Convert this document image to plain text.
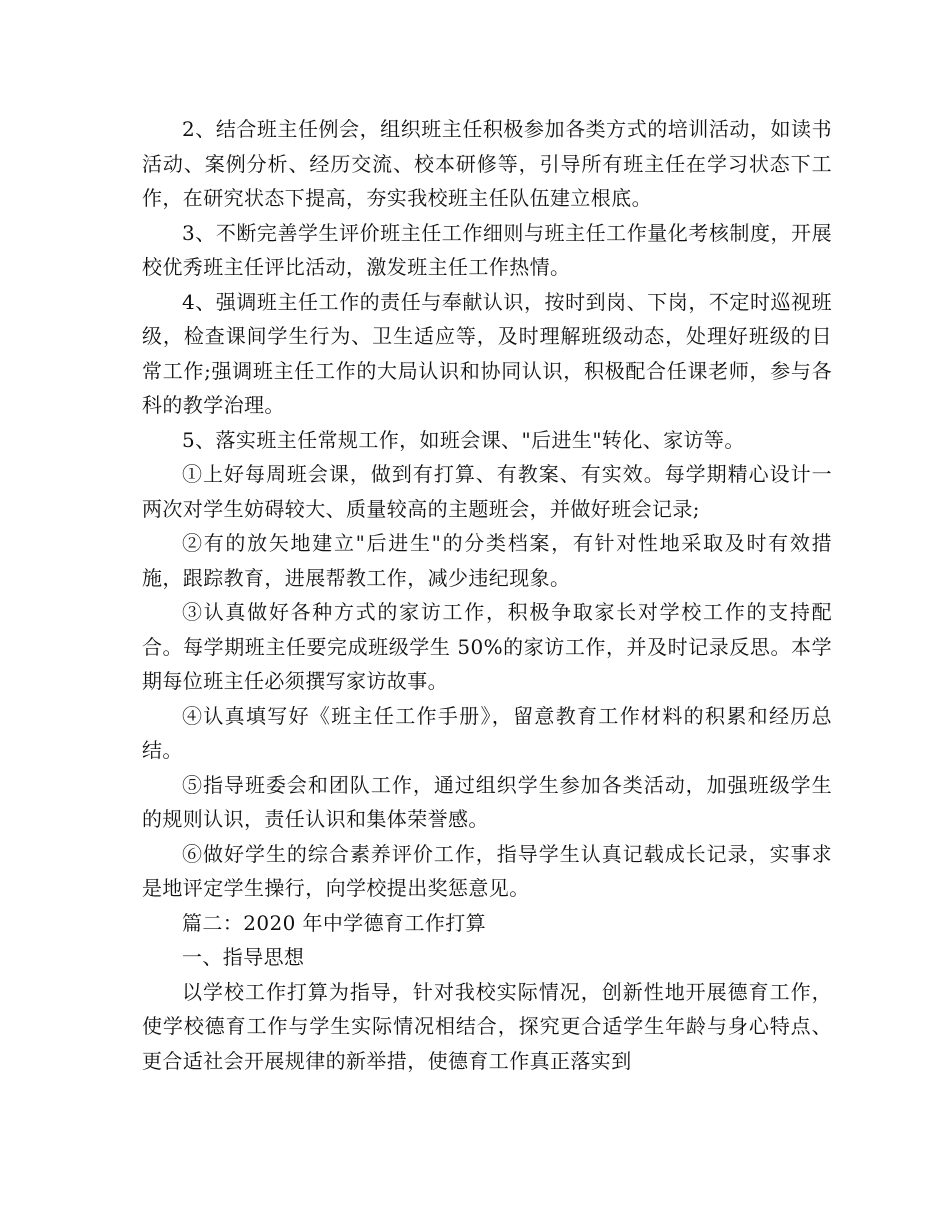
2、结合班主任例会，组织班主任积极参加各类方式的培训活动，如读书活动、案例分析、经历交流、校本研修等，引导所有班主任在学习状态下工作，在研究状态下提高，夯实我校班主任队伍建立根底。

3、不断完善学生评价班主任工作细则与班主任工作量化考核制度，开展校优秀班主任评比活动，激发班主任工作热情。

4、强调班主任工作的责任与奉献认识，按时到岗、下岗，不定时巡视班级，检查课间学生行为、卫生适应等，及时理解班级动态，处理好班级的日常工作;强调班主任工作的大局认识和协同认识，积极配合任课老师，参与各科的教学治理。

5、落实班主任常规工作，如班会课、"后进生"转化、家访等。

①上好每周班会课，做到有打算、有教案、有实效。每学期精心设计一两次对学生妨碍较大、质量较高的主题班会，并做好班会记录;

②有的放矢地建立"后进生"的分类档案，有针对性地采取及时有效措施，跟踪教育，进展帮教工作，减少违纪现象。

③认真做好各种方式的家访工作，积极争取家长对学校工作的支持配合。每学期班主任要完成班级学生 50%的家访工作，并及时记录反思。本学期每位班主任必须撰写家访故事。

④认真填写好《班主任工作手册》，留意教育工作材料的积累和经历总结。

⑤指导班委会和团队工作，通过组织学生参加各类活动，加强班级学生的规则认识，责任认识和集体荣誉感。

⑥做好学生的综合素养评价工作，指导学生认真记载成长记录，实事求是地评定学生操行，向学校提出奖惩意见。

篇二：2020 年中学德育工作打算

一、指导思想

以学校工作打算为指导，针对我校实际情况，创新性地开展德育工作，使学校德育工作与学生实际情况相结合，探究更合适学生年龄与身心特点、更合适社会开展规律的新举措，使德育工作真正落实到
